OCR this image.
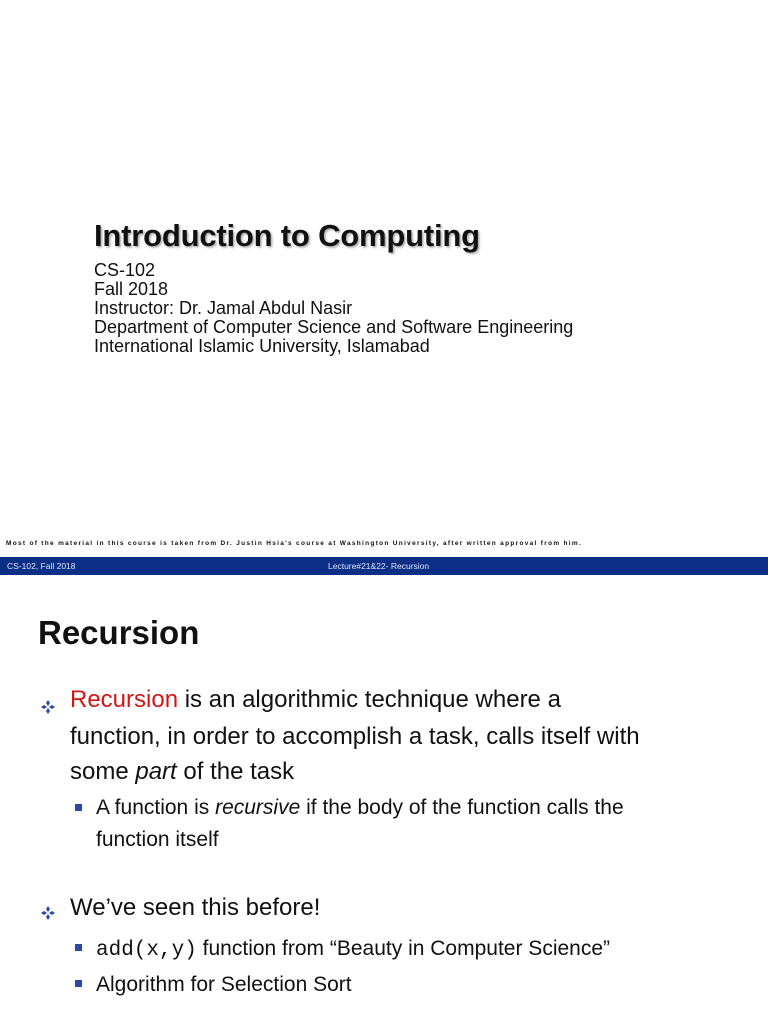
Introduction to Computing
CS-102
Fall 2018
Instructor: Dr. Jamal Abdul Nasir
Department of Computer Science and Software Engineering
International Islamic University, Islamabad
Most of the material in this course is taken from Dr. Justin Hsia's course at Washington University, after written approval from him.
CS-102, Fall 2018	Lecture#21&22- Recursion
Recursion
Recursion is an algorithmic technique where a
function, in order to accomplish a task, calls itself with
some part of the task
A function is recursive if the body of the function calls the
function itself
We’ve seen this before!
add(x,y) function from “Beauty in Computer Science”
Algorithm for Selection Sort
